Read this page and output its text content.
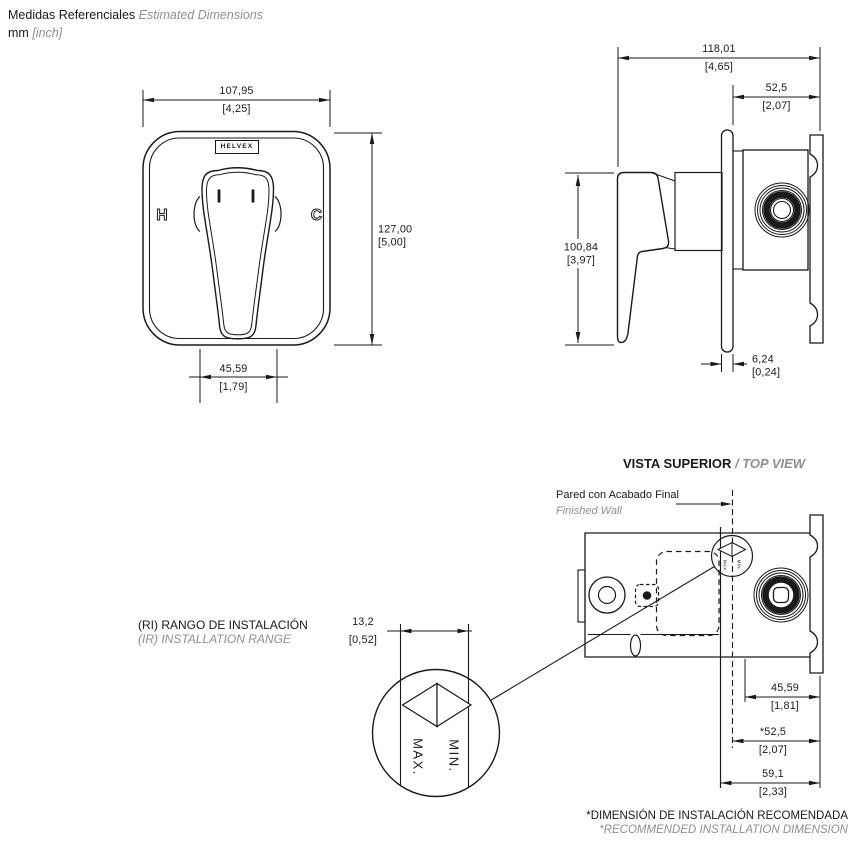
H	C
Medidas Referenciales Estimated Dimensions
mm [inch]
HELVEX
107,95
[4,25]
127,00
[5,00]
45,59
[1,79]
118,01
[4,65]
52,5
[2,07]
100,84
[3,97]
6,24
[0,24]
VISTA SUPERIOR / TOP VIEW
Pared con Acabado Final
Finished Wall
(RI) RANGO DE INSTALACIÓN
(IR) INSTALLATION RANGE
13,2
[0,52]
45,59
[1,81]
*52,5
[2,07]
59,1
[2,33]
MAX. MIN.
MAX. MIN.
*DIMENSIÓN DE INSTALACIÓN RECOMENDADA
*RECOMMENDED INSTALLATION DIMENSION
